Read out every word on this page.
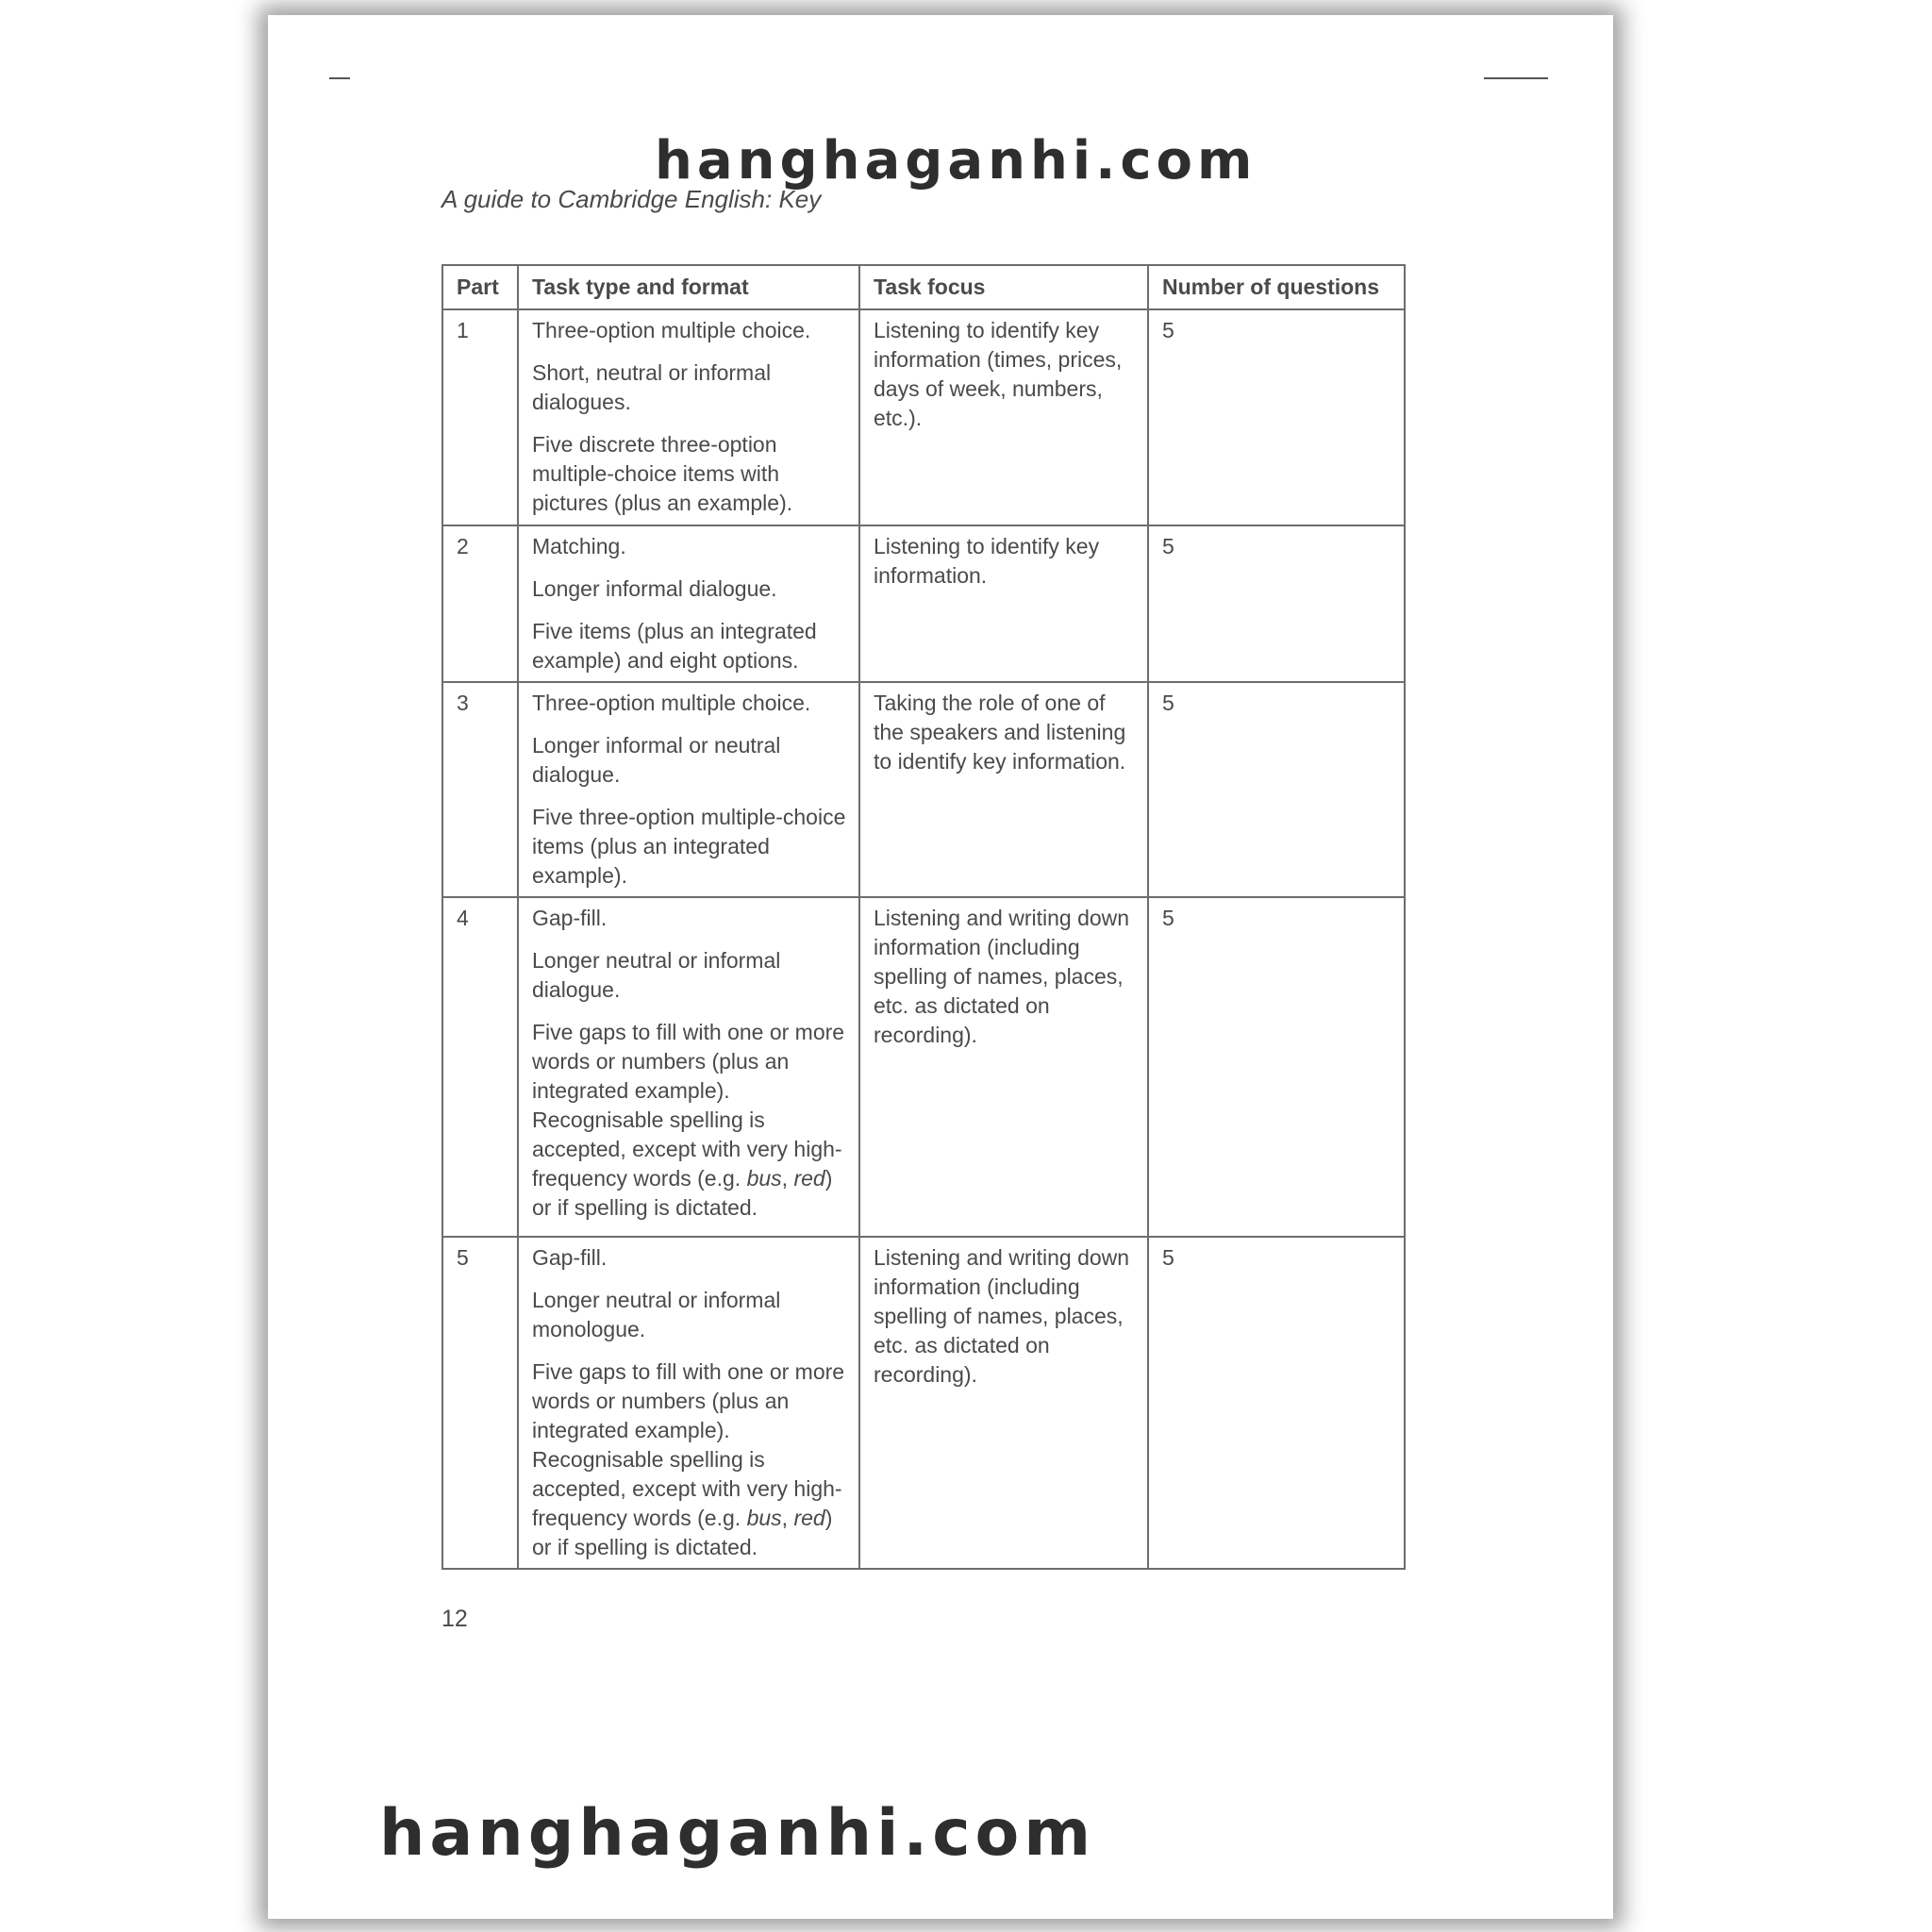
A guide to Cambridge English: Key
Part	Task type and format	Task focus	Number of questions
1	Three-option multiple choice.

Short, neutral or informal dialogues.

Five discrete three-option multiple-choice items with pictures (plus an example).	Listening to identify key information (times, prices, days of week, numbers, etc.).	5
2	Matching.

Longer informal dialogue.

Five items (plus an integrated example) and eight options.	Listening to identify key information.	5
3	Three-option multiple choice.

Longer informal or neutral dialogue.

Five three-option multiple-choice items (plus an integrated example).	Taking the role of one of the speakers and listening to identify key information.	5
4	Gap-fill.

Longer neutral or informal dialogue.

Five gaps to fill with one or more words or numbers (plus an integrated example). Recognisable spelling is accepted, except with very high-frequency words (e.g. bus, red) or if spelling is dictated.	Listening and writing down information (including spelling of names, places, etc. as dictated on recording).	5
5	Gap-fill.

Longer neutral or informal monologue.

Five gaps to fill with one or more words or numbers (plus an integrated example). Recognisable spelling is accepted, except with very high-frequency words (e.g. bus, red) or if spelling is dictated.	Listening and writing down information (including spelling of names, places, etc. as dictated on recording).	5
12
hanghaganhi.com
hanghaganhi.com
